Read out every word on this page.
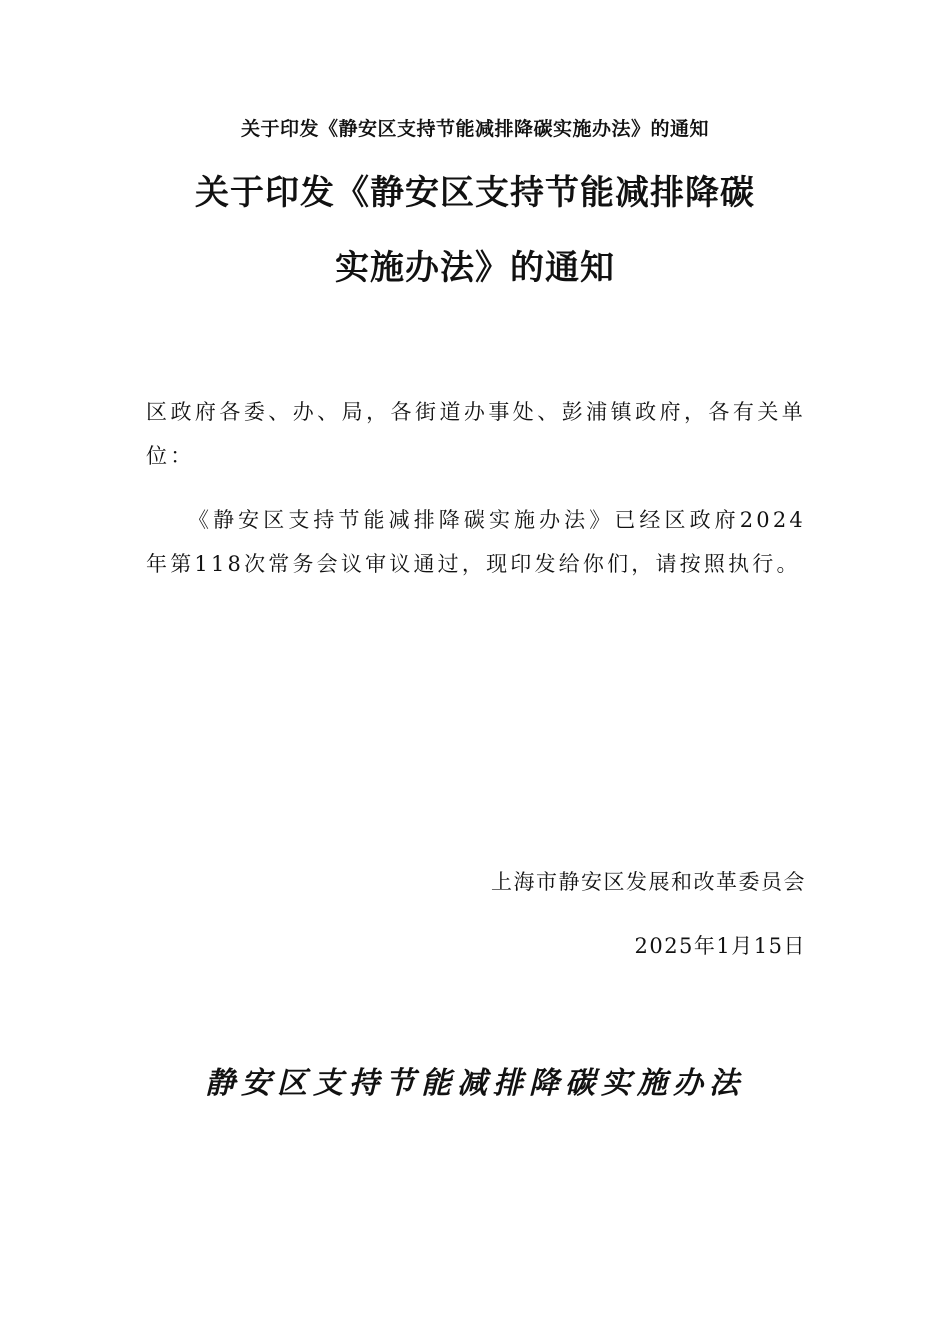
关于印发《静安区支持节能减排降碳实施办法》的通知
关于印发《静安区支持节能减排降碳
实施办法》的通知
区政府各委、办、局，各街道办事处、彭浦镇政府，各有关单位：
《静安区支持节能减排降碳实施办法》已经区政府2024年第118次常务会议审议通过，现印发给你们，请按照执行。
上海市静安区发展和改革委员会
2025年1月15日
静安区支持节能减排降碳实施办法
